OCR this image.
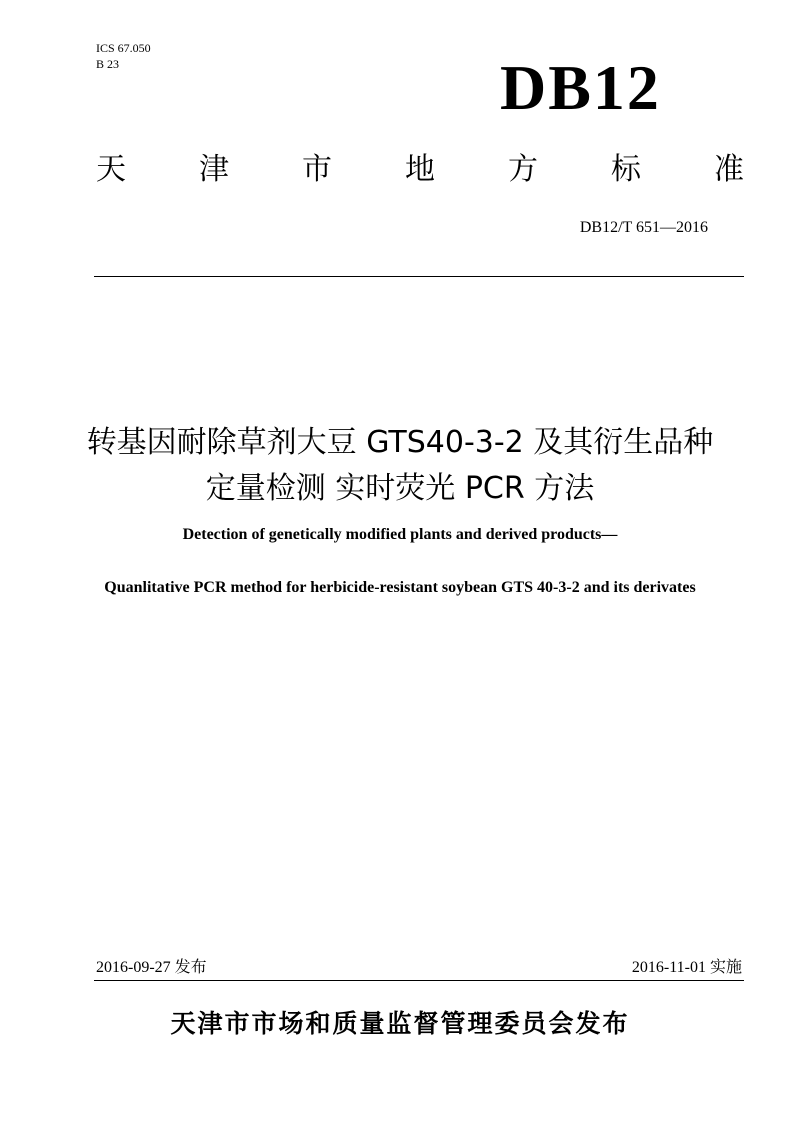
ICS 67.050
B 23	DB12
天 津 市 地 方 标 准
DB12/T 651—2016
转基因耐除草剂大豆 GTS40-3-2 及其衍生品种
定量检测 实时荧光 PCR 方法
Detection of genetically modified plants and derived products—
Quanlitative PCR method for herbicide-resistant soybean GTS 40-3-2 and its derivates
2016-09-27 发布	2016-11-01 实施
天津市市场和质量监督管理委员会发布
